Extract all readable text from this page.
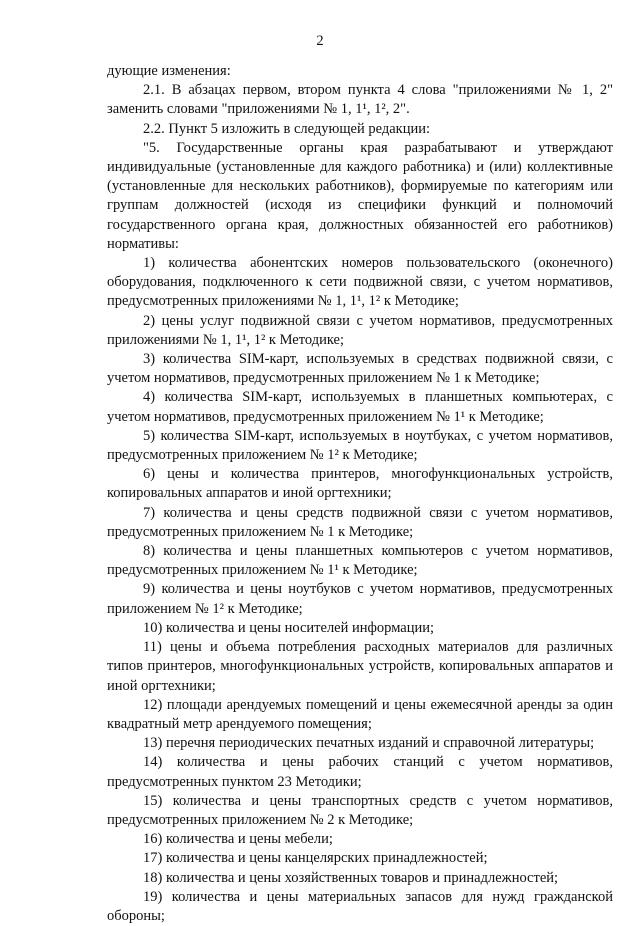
2

дующие изменения:

2.1. В абзацах первом, втором пункта 4 слова "приложениями № 1, 2" заменить словами "приложениями № 1, 1¹, 1², 2".

2.2. Пункт 5 изложить в следующей редакции:

"5. Государственные органы края разрабатывают и утверждают индивидуальные (установленные для каждого работника) и (или) коллективные (установленные для нескольких работников), формируемые по категориям или группам должностей (исходя из специфики функций и полномочий государственного органа края, должностных обязанностей его работников) нормативы:

1) количества абонентских номеров пользовательского (оконечного) оборудования, подключенного к сети подвижной связи, с учетом нормативов, предусмотренных приложениями № 1, 1¹, 1² к Методике;

2) цены услуг подвижной связи с учетом нормативов, предусмотренных приложениями № 1, 1¹, 1² к Методике;

3) количества SIM-карт, используемых в средствах подвижной связи, с учетом нормативов, предусмотренных приложением № 1 к Методике;

4) количества SIM-карт, используемых в планшетных компьютерах, с учетом нормативов, предусмотренных приложением № 1¹ к Методике;

5) количества SIM-карт, используемых в ноутбуках, с учетом нормативов, предусмотренных приложением № 1² к Методике;

6) цены и количества принтеров, многофункциональных устройств, копировальных аппаратов и иной оргтехники;

7) количества и цены средств подвижной связи с учетом нормативов, предусмотренных приложением № 1 к Методике;

8) количества и цены планшетных компьютеров с учетом нормативов, предусмотренных приложением № 1¹ к Методике;

9) количества и цены ноутбуков с учетом нормативов, предусмотренных приложением № 1² к Методике;

10) количества и цены носителей информации;

11) цены и объема потребления расходных материалов для различных типов принтеров, многофункциональных устройств, копировальных аппаратов и иной оргтехники;

12) площади арендуемых помещений и цены ежемесячной аренды за один квадратный метр арендуемого помещения;

13) перечня периодических печатных изданий и справочной литературы;

14) количества и цены рабочих станций с учетом нормативов, предусмотренных пунктом 23 Методики;

15) количества и цены транспортных средств с учетом нормативов, предусмотренных приложением № 2 к Методике;

16) количества и цены мебели;

17) количества и цены канцелярских принадлежностей;

18) количества и цены хозяйственных товаров и принадлежностей;

19) количества и цены материальных запасов для нужд гражданской обороны;
